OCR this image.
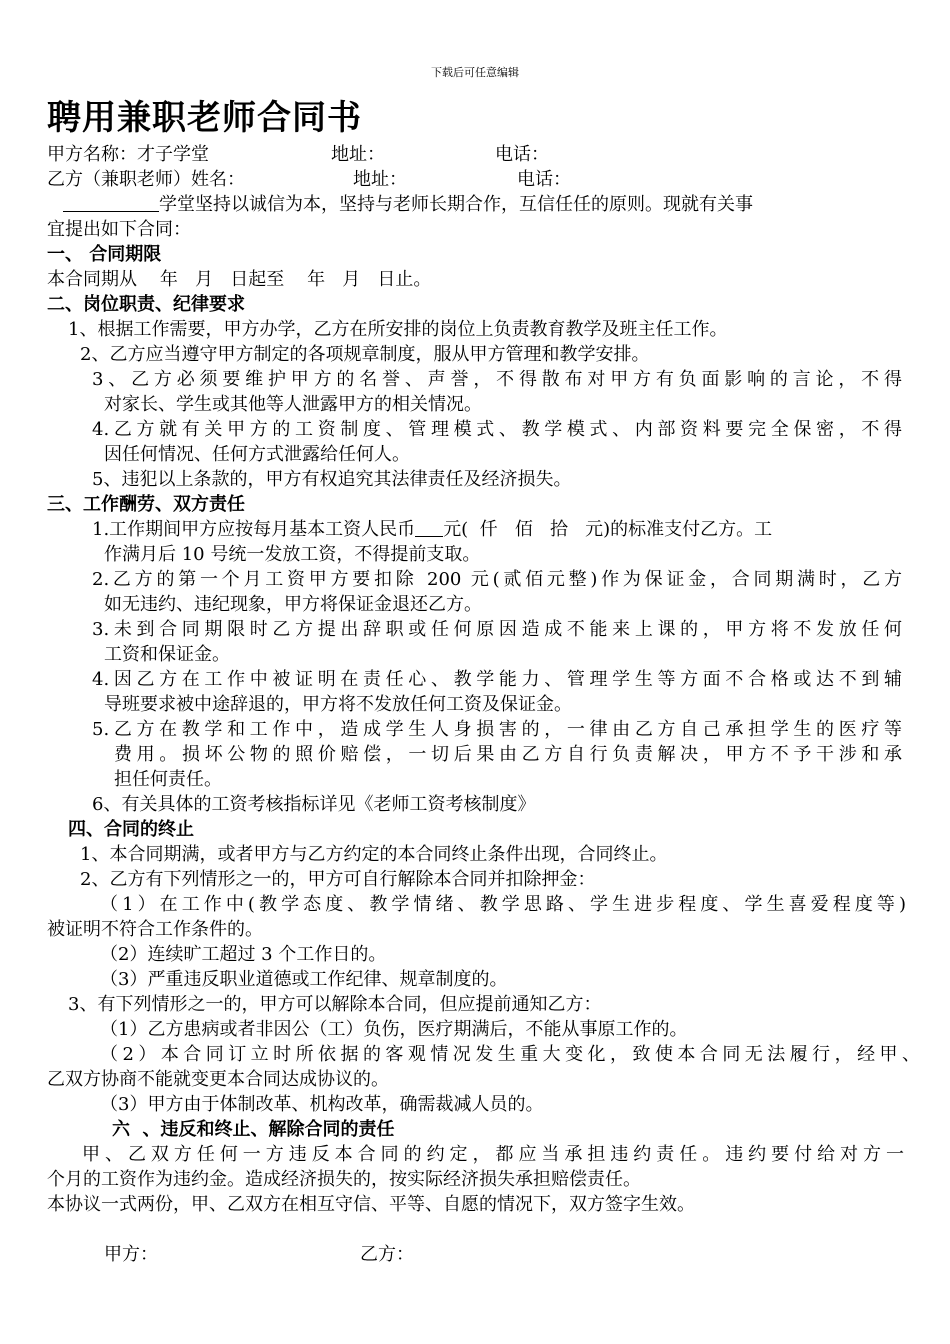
下载后可任意编辑
聘用兼职老师合同书
甲方名称：才子学堂	地址：	电话：
乙方（兼职老师）姓名：	地址：	电话：
学堂坚持以诚信为本，坚持与老师长期合作，互信任任的原则。现就有关事
宜提出如下合同：
一、 合同期限
本合同期从    年   月   日起至    年   月   日止。
二、岗位职责、纪律要求
1、根据工作需要，甲方办学，乙方在所安排的岗位上负责教育教学及班主任工作。
2、乙方应当遵守甲方制定的各项规章制度，服从甲方管理和教学安排。
3、乙方必须要维护甲方的名誉、声誉，不得散布对甲方有负面影响的言论，不得
对家长、学生或其他等人泄露甲方的相关情况。
4.乙方就有关甲方的工资制度、管理模式、教学模式、内部资料要完全保密，不得
因任何情况、任何方式泄露给任何人。
5、违犯以上条款的，甲方有权追究其法律责任及经济损失。
三、工作酬劳、双方责任
1.工作期间甲方应按每月基本工资人民币 元(  仟   佰   拾   元)的标准支付乙方。工
作满月后 10 号统一发放工资，不得提前支取。
2.乙方的第一个月工资甲方要扣除 200 元(贰佰元整)作为保证金，合同期满时，乙方
如无违约、违纪现象，甲方将保证金退还乙方。
3.未到合同期限时乙方提出辞职或任何原因造成不能来上课的，甲方将不发放任何
工资和保证金。
4.因乙方在工作中被证明在责任心、教学能力、管理学生等方面不合格或达不到辅
导班要求被中途辞退的，甲方将不发放任何工资及保证金。
5.乙方在教学和工作中，造成学生人身损害的，一律由乙方自己承担学生的医疗等
费用。损坏公物的照价赔偿，一切后果由乙方自行负责解决，甲方不予干涉和承
担任何责任。
6、有关具体的工资考核指标详见《老师工资考核制度》
四、合同的终止
1、本合同期满，或者甲方与乙方约定的本合同终止条件出现，合同终止。
2、乙方有下列情形之一的，甲方可自行解除本合同并扣除押金：
（1）在工作中(教学态度、教学情绪、教学思路、学生进步程度、学生喜爱程度等)
被证明不符合工作条件的。
（2）连续旷工超过 3 个工作日的。
（3）严重违反职业道德或工作纪律、规章制度的。
3、有下列情形之一的，甲方可以解除本合同，但应提前通知乙方：
（1）乙方患病或者非因公（工）负伤，医疗期满后，不能从事原工作的。
（2）本合同订立时所依据的客观情况发生重大变化，致使本合同无法履行，经甲、
乙双方协商不能就变更本合同达成协议的。
（3）甲方由于体制改革、机构改革，确需裁减人员的。
六  、违反和终止、解除合同的责任
甲、乙双方任何一方违反本合同的约定，都应当承担违约责任。违约要付给对方一
个月的工资作为违约金。造成经济损失的，按实际经济损失承担赔偿责任。
本协议一式两份，甲、乙双方在相互守信、平等、自愿的情况下，双方签字生效。
甲方：	乙方：
